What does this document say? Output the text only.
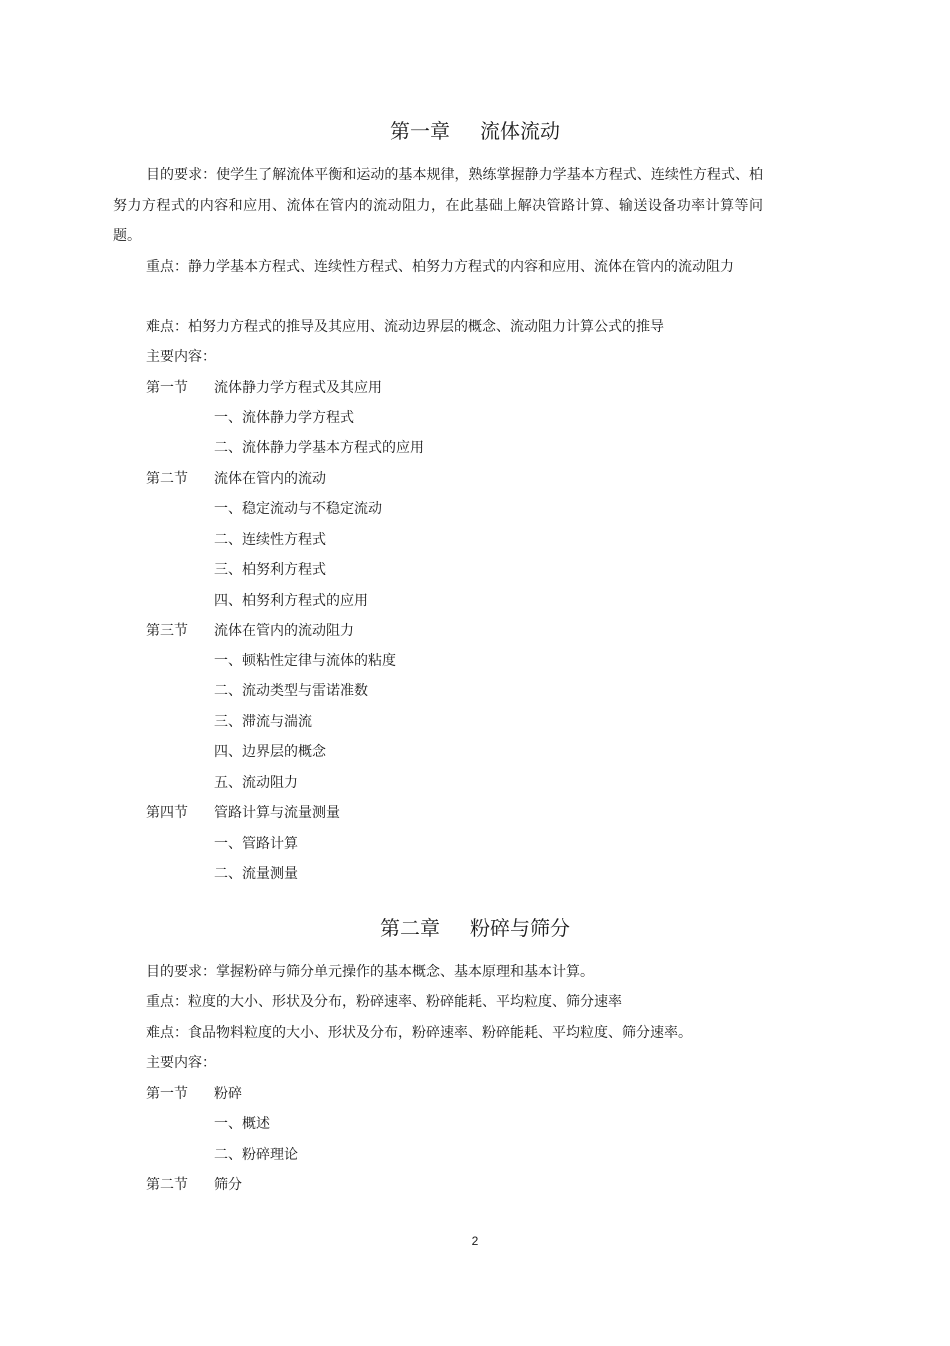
第一章 流体流动

目的要求：使学生了解流体平衡和运动的基本规律，熟练掌握静力学基本方程式、连续性方程式、柏努力方程式的内容和应用、流体在管内的流动阻力，在此基础上解决管路计算、输送设备功率计算等问题。

重点：静力学基本方程式、连续性方程式、柏努力方程式的内容和应用、流体在管内的流动阻力

难点：柏努力方程式的推导及其应用、流动边界层的概念、流动阻力计算公式的推导
主要内容：
第一节 流体静力学方程式及其应用
一、流体静力学方程式
二、流体静力学基本方程式的应用
第二节 流体在管内的流动
一、稳定流动与不稳定流动
二、连续性方程式
三、柏努利方程式
四、柏努利方程式的应用
第三节 流体在管内的流动阻力
一、顿粘性定律与流体的粘度
二、流动类型与雷诺准数
三、滞流与湍流
四、边界层的概念
五、流动阻力
第四节 管路计算与流量测量
一、管路计算
二、流量测量
第二章 粉碎与筛分
目的要求：掌握粉碎与筛分单元操作的基本概念、基本原理和基本计算。
重点：粒度的大小、形状及分布，粉碎速率、粉碎能耗、平均粒度、筛分速率
难点：食品物料粒度的大小、形状及分布，粉碎速率、粉碎能耗、平均粒度、筛分速率。
主要内容：
第一节 粉碎
一、概述
二、粉碎理论
第二节 筛分
2
